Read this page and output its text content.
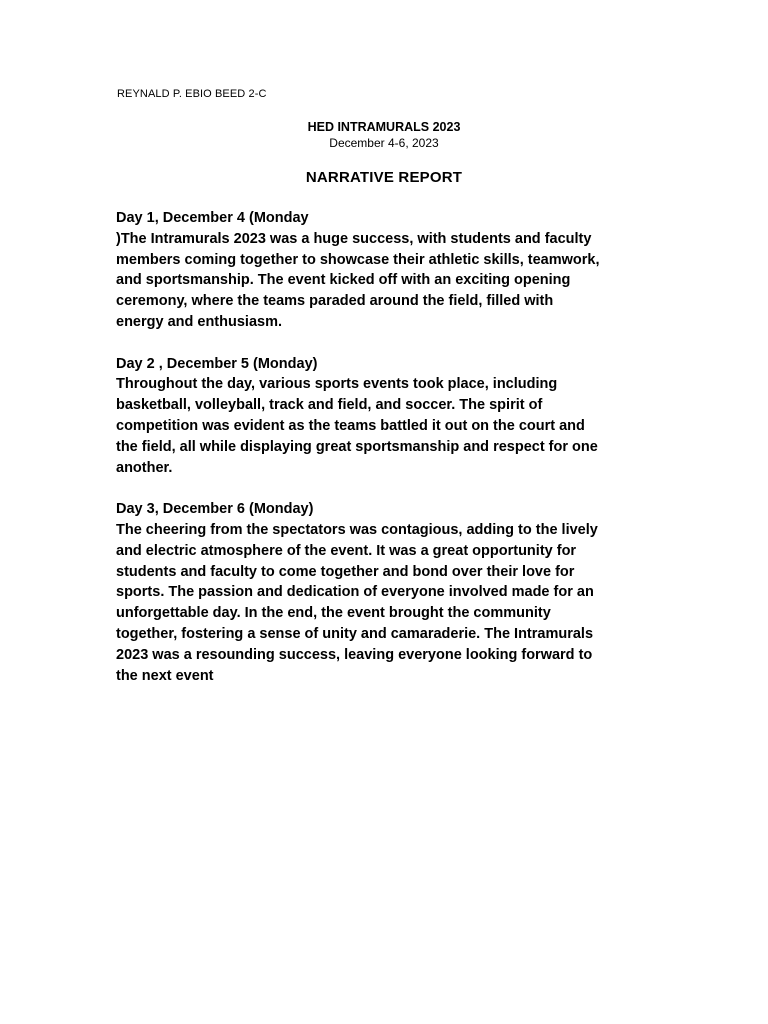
REYNALD P. EBIO BEED 2-C
HED INTRAMURALS 2023
December 4-6, 2023
NARRATIVE REPORT
Day 1, December 4 (Monday
)The Intramurals 2023 was a huge success, with students and faculty
members coming together to showcase their athletic skills, teamwork,
and sportsmanship. The event kicked off with an exciting opening
ceremony, where the teams paraded around the field, filled with
energy and enthusiasm.
Day 2 , December 5 (Monday)
Throughout the day, various sports events took place, including
basketball, volleyball, track and field, and soccer. The spirit of
competition was evident as the teams battled it out on the court and
the field, all while displaying great sportsmanship and respect for one
another.
Day 3, December 6 (Monday)
The cheering from the spectators was contagious, adding to the lively
and electric atmosphere of the event. It was a great opportunity for
students and faculty to come together and bond over their love for
sports. The passion and dedication of everyone involved made for an
unforgettable day. In the end, the event brought the community
together, fostering a sense of unity and camaraderie. The Intramurals
2023 was a resounding success, leaving everyone looking forward to
the next event
